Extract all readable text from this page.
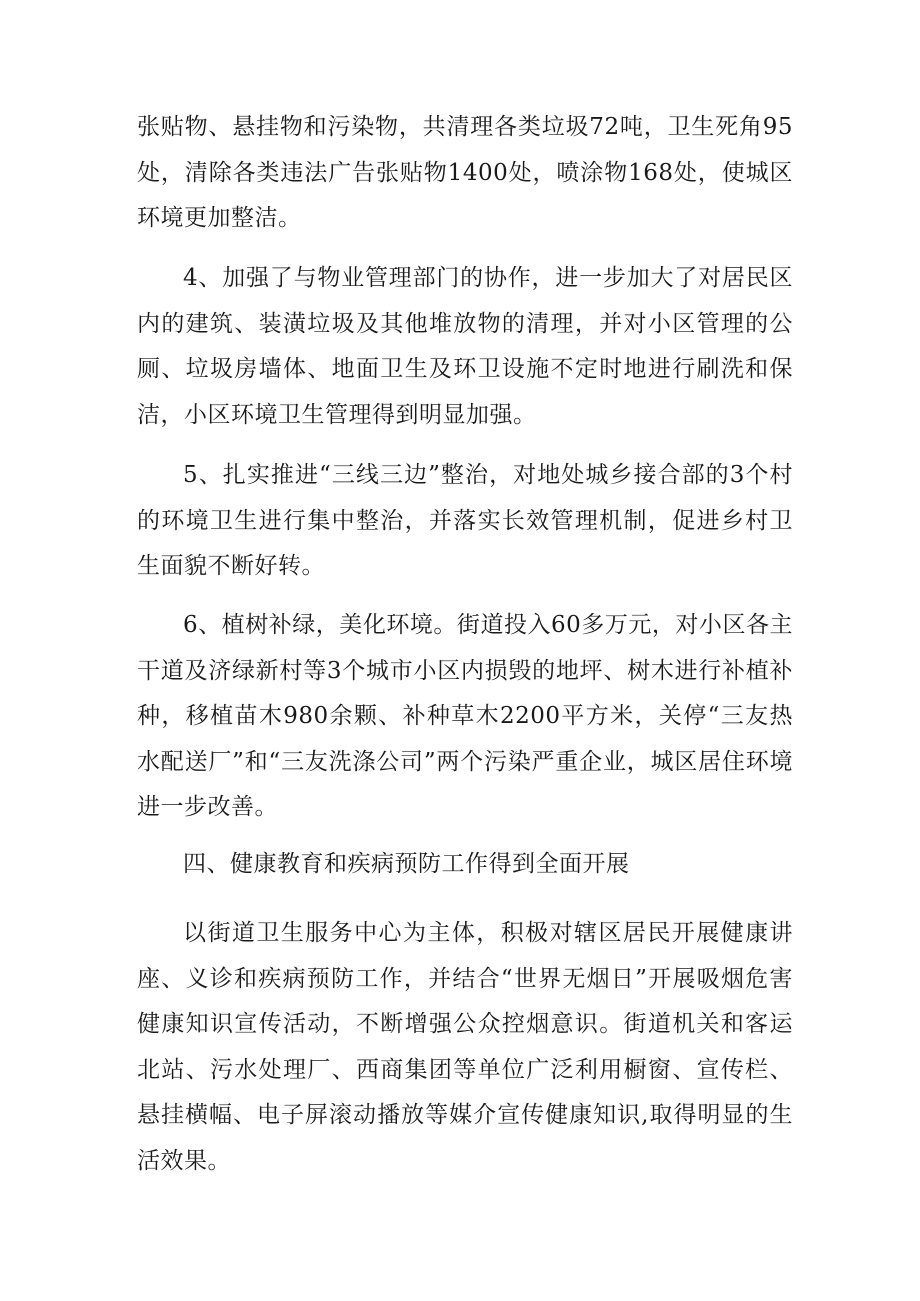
张贴物、悬挂物和污染物，共清理各类垃圾72吨，卫生死角95处，清除各类违法广告张贴物1400处，喷涂物168处，使城区环境更加整洁。

4、加强了与物业管理部门的协作，进一步加大了对居民区内的建筑、装潢垃圾及其他堆放物的清理，并对小区管理的公厕、垃圾房墙体、地面卫生及环卫设施不定时地进行刷洗和保洁，小区环境卫生管理得到明显加强。

5、扎实推进“三线三边”整治，对地处城乡接合部的3个村的环境卫生进行集中整治，并落实长效管理机制，促进乡村卫生面貌不断好转。

6、植树补绿，美化环境。街道投入60多万元，对小区各主干道及济绿新村等3个城市小区内损毁的地坪、树木进行补植补种，移植苗木980余颗、补种草木2200平方米，关停“三友热水配送厂”和“三友洗涤公司”两个污染严重企业，城区居住环境进一步改善。

四、健康教育和疾病预防工作得到全面开展

以街道卫生服务中心为主体，积极对辖区居民开展健康讲座、义诊和疾病预防工作，并结合“世界无烟日”开展吸烟危害健康知识宣传活动，不断增强公众控烟意识。街道机关和客运北站、污水处理厂、西商集团等单位广泛利用橱窗、宣传栏、悬挂横幅、电子屏滚动播放等媒介宣传健康知识,取得明显的生活效果。
